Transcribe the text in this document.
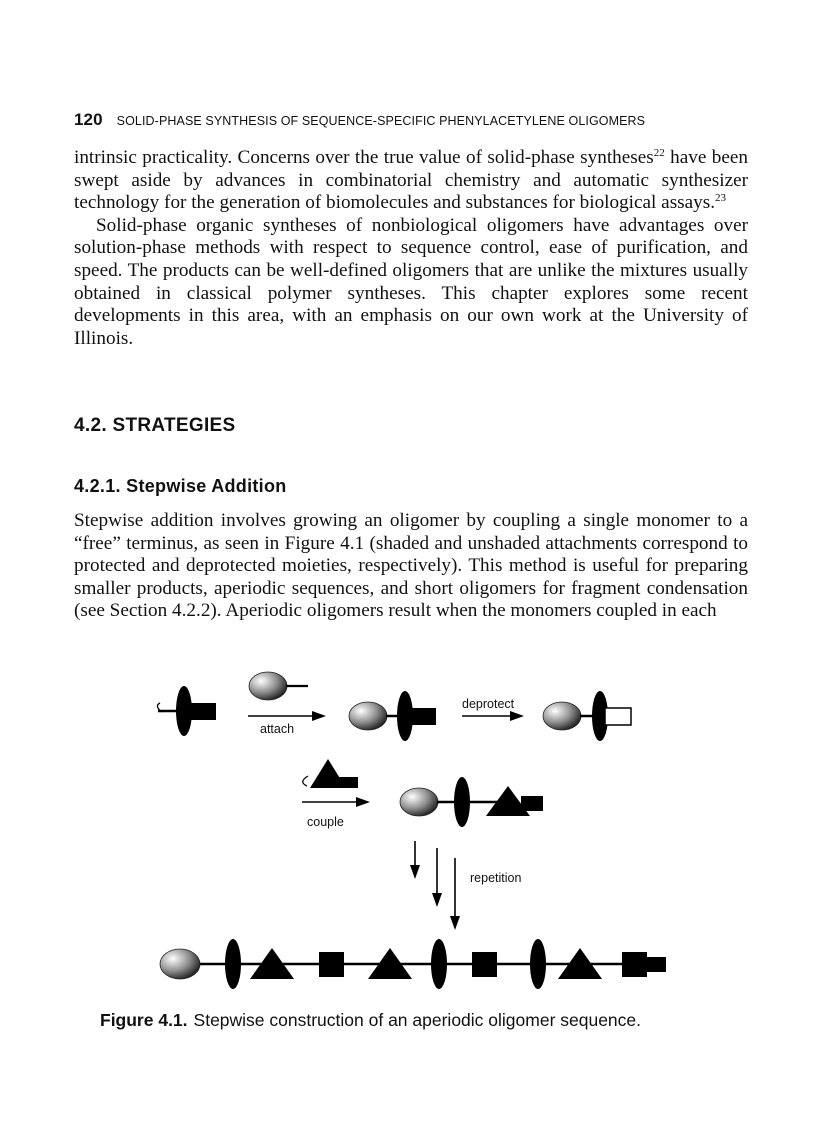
120 SOLID-PHASE SYNTHESIS OF SEQUENCE-SPECIFIC PHENYLACETYLENE OLIGOMERS

intrinsic practicality. Concerns over the true value of solid-phase syntheses$^{22}$ have been swept aside by advances in combinatorial chemistry and automatic synthesizer technology for the generation of biomolecules and substances for biological assays.$^{23}$

Solid-phase organic syntheses of nonbiological oligomers have advantages over solution-phase methods with respect to sequence control, ease of purification, and speed. The products can be well-defined oligomers that are unlike the mixtures usually obtained in classical polymer syntheses. This chapter explores some recent developments in this area, with an emphasis on our own work at the University of Illinois.

4.2. STRATEGIES
4.2.1. Stepwise Addition

Stepwise addition involves growing an oligomer by coupling a single monomer to a “free” terminus, as seen in Figure 4.1 (shaded and unshaded attachments correspond to protected and deprotected moieties, respectively). This method is useful for preparing smaller products, aperiodic sequences, and short oligomers for fragment condensation (see Section 4.2.2). Aperiodic oligomers result when the monomers coupled in each

attach
deprotect
couple
repetition

Figure 4.1. Stepwise construction of an aperiodic oligomer sequence.
